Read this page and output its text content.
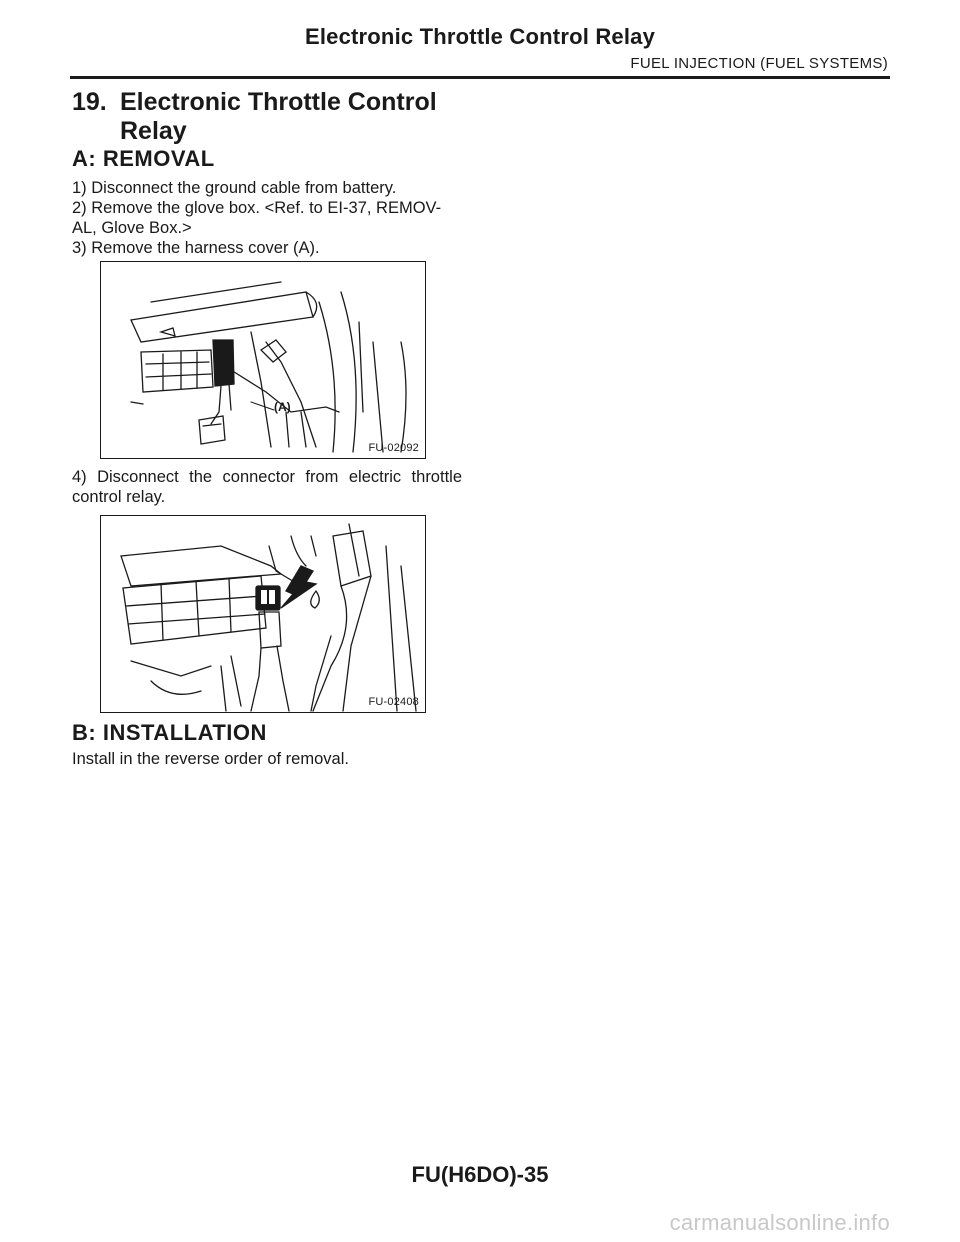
Electronic Throttle Control Relay
FUEL INJECTION (FUEL SYSTEMS)
19. Electronic Throttle Control
Relay
A: REMOVAL
1) Disconnect the ground cable from battery.
2) Remove the glove box. <Ref. to EI-37, REMOV-
AL, Glove Box.>
3) Remove the harness cover (A).
(A)
FU-02092
4) Disconnect the connector from electric throttle control relay.
FU-02408
B: INSTALLATION
Install in the reverse order of removal.
FU(H6DO)-35
carmanualsonline.info
